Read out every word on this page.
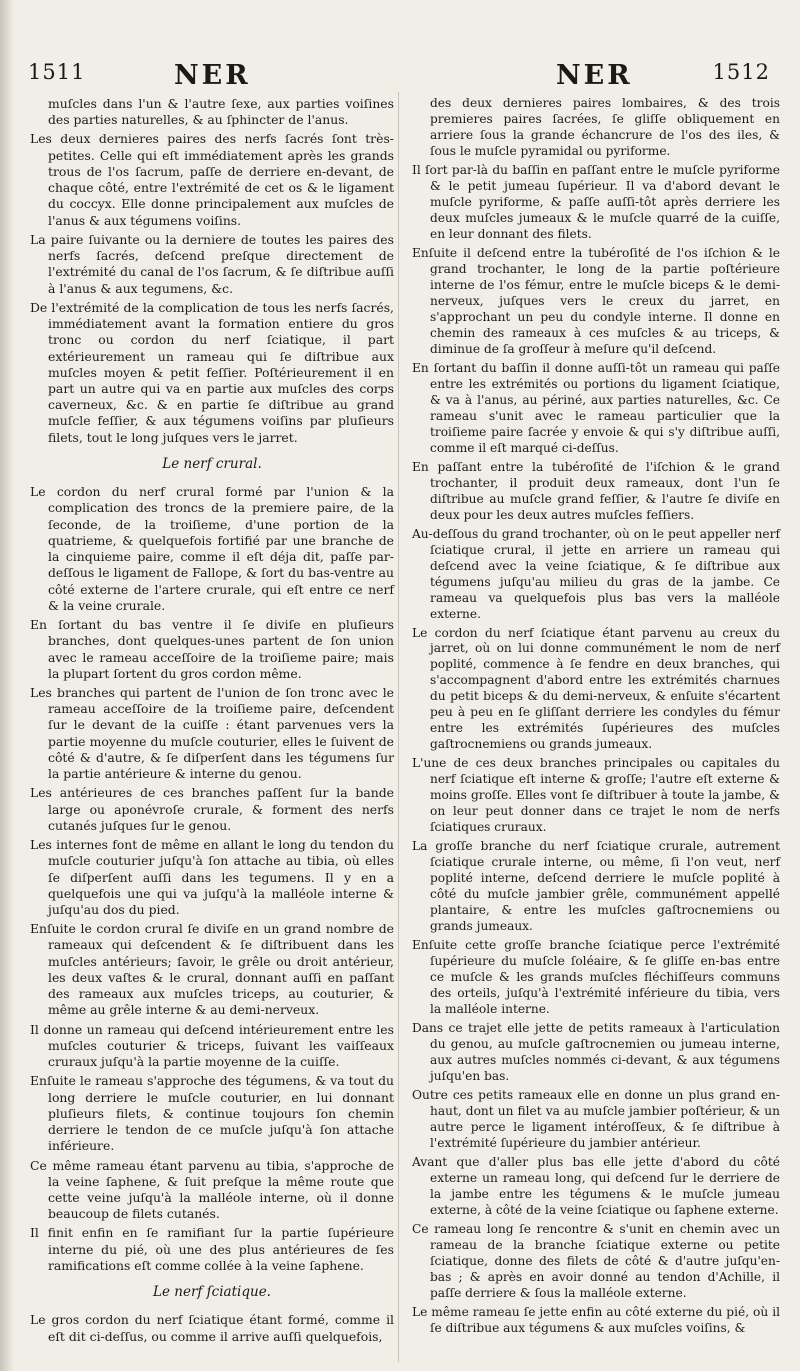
1511	NER	NER	1512

muſcles dans l'un & l'autre ſexe, aux parties voiſines des parties naturelles, & au ſphincter de l'anus.

Les deux dernieres paires des nerfs ſacrés ſont très-petites. Celle qui eſt immédiatement après les grands trous de l'os ſacrum, paſſe de derriere en-devant, de chaque côté, entre l'extrémité de cet os & le ligament du coccyx. Elle donne principalement aux muſcles de l'anus & aux tégumens voiſins.

La paire ſuivante ou la derniere de toutes les paires des nerfs ſacrés, deſcend preſque directement de l'extrémité du canal de l'os ſacrum, & ſe diſtribue auſſi à l'anus & aux tegumens, &c.

De l'extrémité de la complication de tous les nerfs ſacrés, immédiatement avant la formation entiere du gros tronc ou cordon du nerf ſciatique, il part extérieurement un rameau qui ſe diſtribue aux muſcles moyen & petit feſſier. Poſtérieurement il en part un autre qui va en partie aux muſcles des corps caverneux, &c. & en partie ſe diſtribue au grand muſcle feſſier, & aux tégumens voiſins par pluſieurs filets, tout le long juſques vers le jarret.

Le nerf crural.

Le cordon du nerf crural formé par l'union & la complication des troncs de la premiere paire, de la ſeconde, de la troiſieme, d'une portion de la quatrieme, & quelquefois fortifié par une branche de la cinquieme paire, comme il eſt déja dit, paſſe par-deſſous le ligament de Fallope, & ſort du bas-ventre au côté externe de l'artere crurale, qui eſt entre ce nerf & la veine crurale.

En ſortant du bas ventre il ſe diviſe en pluſieurs branches, dont quelques-unes partent de ſon union avec le rameau acceſſoire de la troiſieme paire; mais la plupart ſortent du gros cordon même.

Les branches qui partent de l'union de ſon tronc avec le rameau acceſſoire de la troiſieme paire, deſcendent ſur le devant de la cuiſſe : étant parvenues vers la partie moyenne du muſcle couturier, elles le ſuivent de côté & d'autre, & ſe diſperſent dans les tégumens ſur la partie antérieure & interne du genou.

Les antérieures de ces branches paſſent ſur la bande large ou aponévroſe crurale, & forment des nerfs cutanés juſques ſur le genou.

Les internes font de même en allant le long du tendon du muſcle couturier juſqu'à ſon attache au tibia, où elles ſe diſperſent auſſi dans les tegumens. Il y en a quelquefois une qui va juſqu'à la malléole interne & juſqu'au dos du pied.

Enſuite le cordon crural ſe diviſe en un grand nombre de rameaux qui deſcendent & ſe diſtribuent dans les muſcles antérieurs; ſavoir, le grêle ou droit antérieur, les deux vaſtes & le crural, donnant auſſi en paſſant des rameaux aux muſcles triceps, au couturier, & même au grêle interne & au demi-nerveux.

Il donne un rameau qui deſcend intérieurement entre les muſcles couturier & triceps, ſuivant les vaiſſeaux cruraux juſqu'à la partie moyenne de la cuiſſe.

Enſuite le rameau s'approche des tégumens, & va tout du long derriere le muſcle couturier, en lui donnant pluſieurs filets, & continue toujours ſon chemin derriere le tendon de ce muſcle juſqu'à ſon attache inférieure.

Ce même rameau étant parvenu au tibia, s'approche de la veine ſaphene, & ſuit preſque la même route que cette veine juſqu'à la malléole interne, où il donne beaucoup de filets cutanés.

Il finit enfin en ſe ramifiant ſur la partie ſupérieure interne du pié, où une des plus antérieures de ſes ramifications eſt comme collée à la veine ſaphene.

Le nerf ſciatique.

Le gros cordon du nerf ſciatique étant formé, comme il eſt dit ci-deſſus, ou comme il arrive auſſi quelquefois,

des deux dernieres paires lombaires, & des trois premieres paires ſacrées, ſe gliſſe obliquement en arriere ſous la grande échancrure de l'os des iles, & ſous le muſcle pyramidal ou pyriforme.

Il ſort par-là du baſſin en paſſant entre le muſcle pyriforme & le petit jumeau ſupérieur. Il va d'abord devant le muſcle pyriforme, & paſſe auſſi-tôt après derriere les deux muſcles jumeaux & le muſcle quarré de la cuiſſe, en leur donnant des filets.

Enſuite il deſcend entre la tubéroſité de l'os iſchion & le grand trochanter, le long de la partie poſtérieure interne de l'os fémur, entre le muſcle biceps & le demi-nerveux, juſques vers le creux du jarret, en s'approchant un peu du condyle interne. Il donne en chemin des rameaux à ces muſcles & au triceps, & diminue de ſa groſſeur à meſure qu'il deſcend.

En ſortant du baſſin il donne auſſi-tôt un rameau qui paſſe entre les extrémités ou portions du ligament ſciatique, & va à l'anus, au périné, aux parties naturelles, &c. Ce rameau s'unit avec le rameau particulier que la troiſieme paire ſacrée y envoie & qui s'y diſtribue auſſi, comme il eſt marqué ci-deſſus.

En paſſant entre la tubéroſité de l'iſchion & le grand trochanter, il produit deux rameaux, dont l'un ſe diſtribue au muſcle grand feſſier, & l'autre ſe diviſe en deux pour les deux autres muſcles feſſiers.

Au-deſſous du grand trochanter, où on le peut appeller nerf ſciatique crural, il jette en arriere un rameau qui deſcend avec la veine ſciatique, & ſe diſtribue aux tégumens juſqu'au milieu du gras de la jambe. Ce rameau va quelquefois plus bas vers la malléole externe.

Le cordon du nerf ſciatique étant parvenu au creux du jarret, où on lui donne communément le nom de nerf poplité, commence à ſe fendre en deux branches, qui s'accompagnent d'abord entre les extrémités charnues du petit biceps & du demi-nerveux, & enſuite s'écartent peu à peu en ſe gliſſant derriere les condyles du fémur entre les extrémités ſupérieures des muſcles gaſtrocnemiens ou grands jumeaux.

L'une de ces deux branches principales ou capitales du nerf ſciatique eſt interne & groſſe; l'autre eſt externe & moins groſſe. Elles vont ſe diſtribuer à toute la jambe, & on leur peut donner dans ce trajet le nom de nerfs ſciatiques cruraux.

La groſſe branche du nerf ſciatique crurale, autrement ſciatique crurale interne, ou même, ſi l'on veut, nerf poplité interne, deſcend derriere le muſcle poplité à côté du muſcle jambier grêle, communément appellé plantaire, & entre les muſcles gaſtrocnemiens ou grands jumeaux.

Enſuite cette groſſe branche ſciatique perce l'extrémité ſupérieure du muſcle ſoléaire, & ſe gliſſe en-bas entre ce muſcle & les grands muſcles fléchiſſeurs communs des orteils, juſqu'à l'extrémité inférieure du tibia, vers la malléole interne.

Dans ce trajet elle jette de petits rameaux à l'articulation du genou, au muſcle gaſtrocnemien ou jumeau interne, aux autres muſcles nommés ci-devant, & aux tégumens juſqu'en bas.

Outre ces petits rameaux elle en donne un plus grand en-haut, dont un filet va au muſcle jambier poſtérieur, & un autre perce le ligament intéroſſeux, & ſe diſtribue à l'extrémité ſupérieure du jambier antérieur.

Avant que d'aller plus bas elle jette d'abord du côté externe un rameau long, qui deſcend ſur le derriere de la jambe entre les tégumens & le muſcle jumeau externe, à côté de la veine ſciatique ou ſaphene externe.

Ce rameau long ſe rencontre & s'unit en chemin avec un rameau de la branche ſciatique externe ou petite ſciatique, donne des filets de côté & d'autre juſqu'en-bas ; & après en avoir donné au tendon d'Achille, il paſſe derriere & ſous la malléole externe.

Le même rameau ſe jette enfin au côté externe du pié, où il ſe diſtribue aux tégumens & aux muſcles voiſins, &
